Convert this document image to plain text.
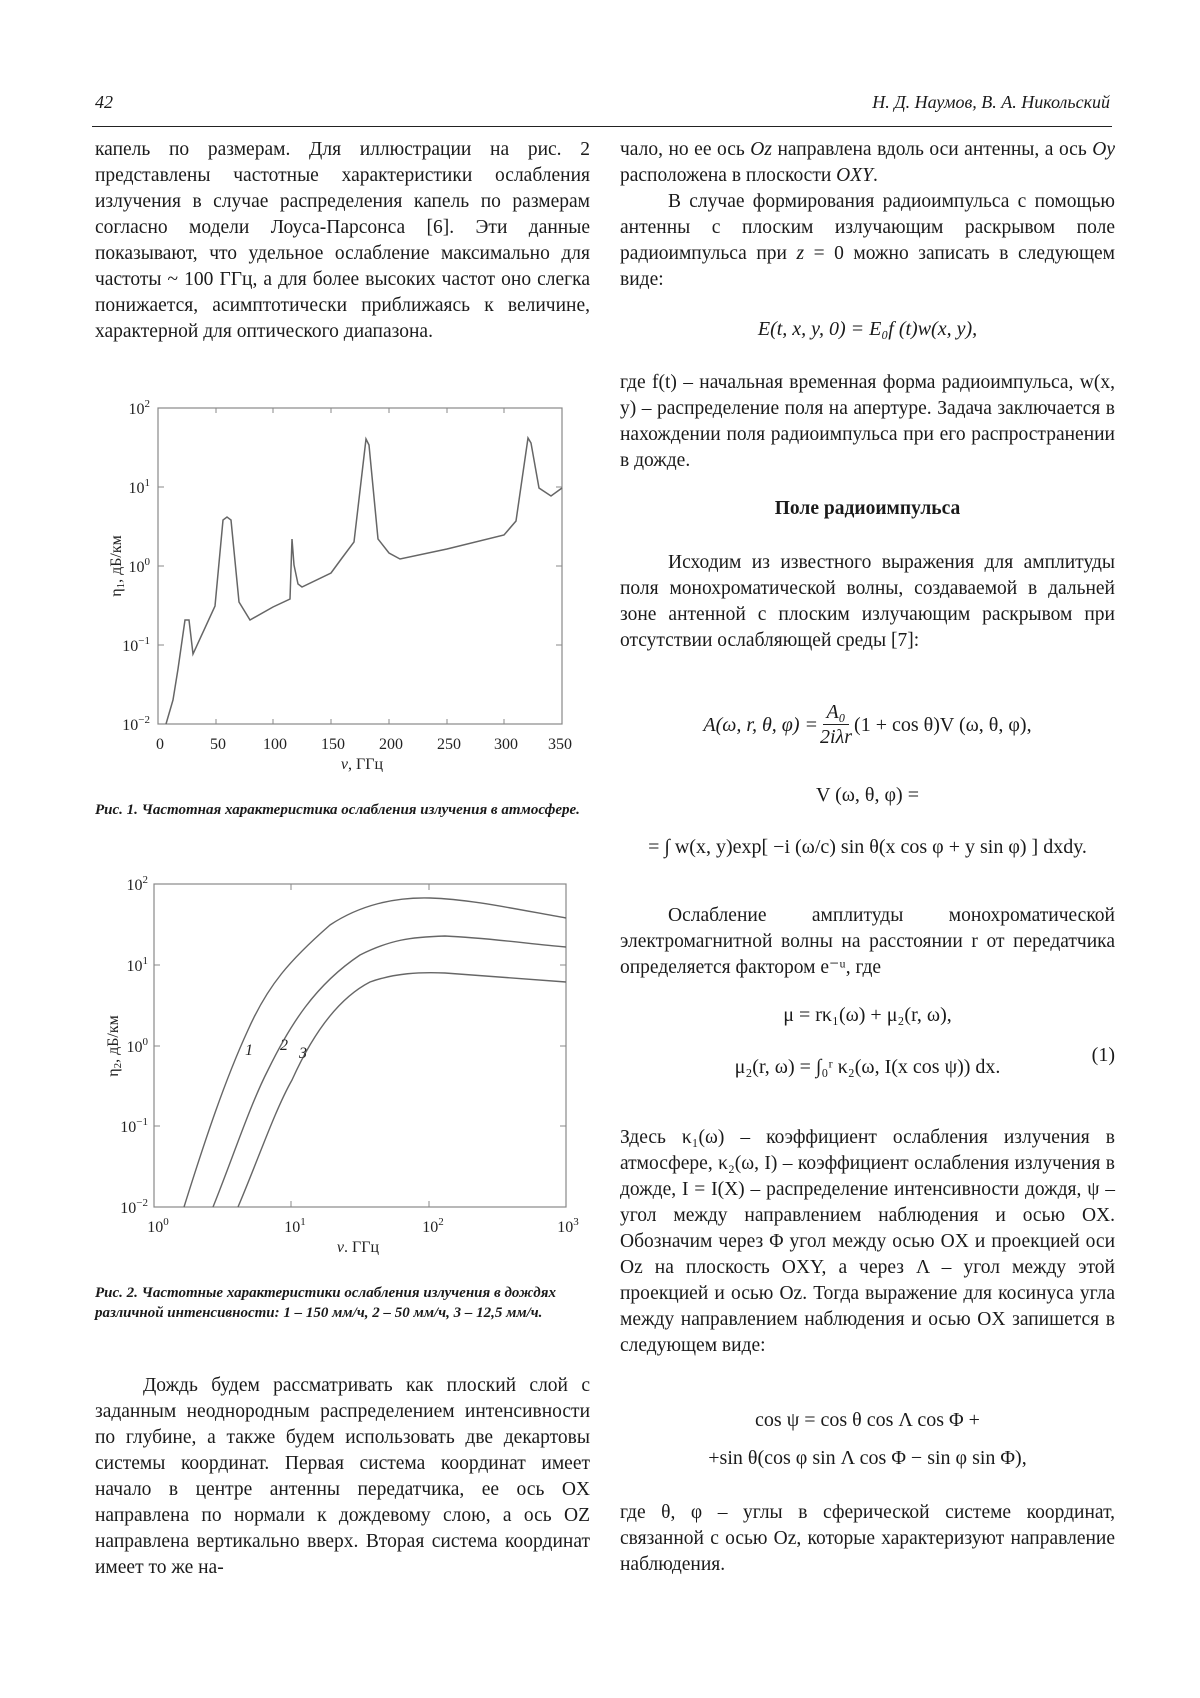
42	Н. Д. Наумов, В. А. Никольский

капель по размерам. Для иллюстрации на рис. 2 представлены частотные характеристики ослабления излучения в случае распределения капель по размерам согласно модели Лоуса-Парсонса [6]. Эти данные показывают, что удельное ослабление максимально для частоты ~ 100 ГГц, а для более высоких частот оно слегка понижается, асимптотически приближаясь к величине, характерной для оптического диапазона.

$10^2$
$10^1$
$10^0$
$10^{-1}$
$10^{-2}$
0	50 100 150 200 250 300 350
v, ГГц
η1, дБ/км
Рис. 1. Частотная характеристика ослабления излучения в атмосфере.
$10^2$
$10^1$
$10^0$
$10^{-1}$
$10^{-2}$
$10^0$	$10^1$	$10^2$	$10^3$
v. ГГц
η2, дБ/км	1 2 3
Рис. 2. Частотные характеристики ослабления излучения в дождях различной интенсивности: 1 – 150 мм/ч, 2 – 50 мм/ч, 3 – 12,5 мм/ч.

Дождь будем рассматривать как плоский слой с заданным неоднородным распределением интенсивности по глубине, а также будем использовать две декартовы системы координат. Первая система координат имеет начало в центре антенны передатчика, ее ось OX направлена по нормали к дождевому слою, а ось OZ направлена вертикально вверх. Вторая система координат имеет то же на-

чало, но ее ось Oz направлена вдоль оси антенны, а ось Oy расположена в плоскости OXY.

В случае формирования радиоимпульса с помощью антенны с плоским излучающим раскрывом поле радиоимпульса при z = 0 можно записать в следующем виде:

E(t, x, y, 0) = E₀f (t)w(x, y),

где f(t) – начальная временная форма радиоимпульса, w(x, y) – распределение поля на апертуре. Задача заключается в нахождении поля радиоимпульса при его распространении в дожде.

Поле радиоимпульса

Исходим из известного выражения для амплитуды поля монохроматической волны, создаваемой в дальней зоне антенной с плоским излучающим раскрывом при отсутствии ослабляющей среды [7]:

A(ω, r, θ, φ) =
A₀
2iλr
(1 + cos θ)V (ω, θ, φ),
V (ω, θ, φ) =
= ∫ w(x, y)exp[ −i (ω/c) sin θ(x cos φ + y sin φ) ] dxdy.

Ослабление амплитуды монохроматической электромагнитной волны на расстоянии r от передатчика определяется фактором e⁻ᵘ, где

μ = rκ₁(ω) + μ₂(r, ω),
μ₂(r, ω) = ∫₀ʳ κ₂(ω, I(x cos ψ)) dx.
(1)

Здесь κ₁(ω) – коэффициент ослабления излучения в атмосфере, κ₂(ω, I) – коэффициент ослабления излучения в дожде, I = I(X) – распределение интенсивности дождя, ψ – угол между направлением наблюдения и осью OX. Обозначим через Φ угол между осью OX и проекцией оси Oz на плоскость OXY, а через Λ – угол между этой проекцией и осью Oz. Тогда выражение для косинуса угла между направлением наблюдения и осью OX запишется в следующем виде:

cos ψ = cos θ cos Λ cos Φ +
+sin θ(cos φ sin Λ cos Φ − sin φ sin Φ),

где θ, φ – углы в сферической системе координат, связанной с осью Oz, которые характеризуют направление наблюдения.
